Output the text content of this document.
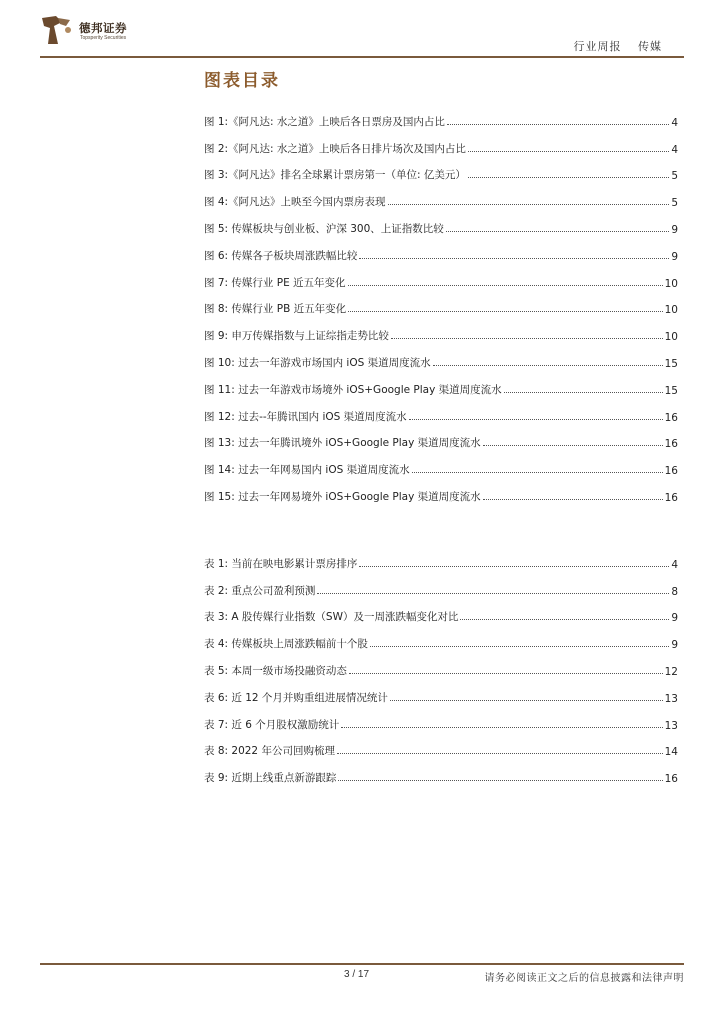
德邦证券
Topsperity Securities
行业周报 传媒
图表目录
图 1:《阿凡达: 水之道》上映后各日票房及国内占比	4
图 2:《阿凡达: 水之道》上映后各日排片场次及国内占比	4
图 3:《阿凡达》排名全球累计票房第一（单位: 亿美元）	5
图 4:《阿凡达》上映至今国内票房表现	5
图 5: 传媒板块与创业板、沪深 300、上证指数比较	9
图 6: 传媒各子板块周涨跌幅比较	9
图 7: 传媒行业 PE 近五年变化	10
图 8: 传媒行业 PB 近五年变化	10
图 9: 申万传媒指数与上证综指走势比较	10
图 10: 过去一年游戏市场国内 iOS 渠道周度流水	15
图 11: 过去一年游戏市场境外 iOS+Google Play 渠道周度流水	15
图 12: 过去--年腾讯国内 iOS 渠道周度流水	16
图 13: 过去一年腾讯境外 iOS+Google Play 渠道周度流水	16
图 14: 过去一年网易国内 iOS 渠道周度流水	16
图 15: 过去一年网易境外 iOS+Google Play 渠道周度流水	16
表 1: 当前在映电影累计票房排序	4
表 2: 重点公司盈利预测	8
表 3: A 股传媒行业指数（SW）及一周涨跌幅变化对比	9
表 4: 传媒板块上周涨跌幅前十个股	9
表 5: 本周一级市场投融资动态	12
表 6: 近 12 个月并购重组进展情况统计	13
表 7: 近 6 个月股权激励统计	13
表 8: 2022 年公司回购梳理	14
表 9: 近期上线重点新游跟踪	16
3 / 17	请务必阅读正文之后的信息披露和法律声明
